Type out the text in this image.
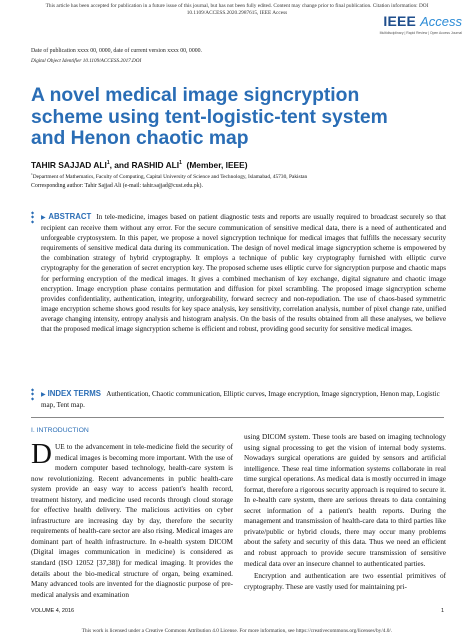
This article has been accepted for publication in a future issue of this journal, but has not been fully edited. Content may change prior to final publication. Citation information: DOI
10.1109/ACCESS.2020.2987615, IEEE Access
IEEE Access
Multidisciplinary | Rapid Review | Open Access Journal
Date of publication xxxx 00, 0000, date of current version xxxx 00, 0000.
Digital Object Identifier 10.1109/ACCESS.2017.DOI
A novel medical image signcryption
scheme using tent-logistic-tent system
and Henon chaotic map
TAHIR SAJJAD ALI$^1$, and RASHID ALI$^1$  (Member, IEEE)
$^1$Department of Mathematics, Faculty of Computing, Capital University of Science and Technology, Islamabad, 45730, Pakistan
Corresponding author: Tahir Sajjad Ali (e-mail: tahir.sajjad@cust.edu.pk).
◆
◆
◆
▶ ABSTRACT In tele-medicine, images based on patient diagnostic tests and reports are usually required to broadcast securely so that recipient can receive them without any error. For the secure communication of sensitive medical data, there is a need of authenticated and unforgeable cryptosystem. In this paper, we propose a novel signcryption technique for medical images that fulfills the necessary security requirements of sensitive medical data during its communication. The design of novel medical image signcryption scheme is empowered by the combination strategy of hybrid cryptography. It employs a technique of public key cryptography furnished with elliptic curve cryptography for the generation of secret encryption key. The proposed scheme uses elliptic curve for signcryption purpose and chaotic maps for performing encryption of the medical images. It gives a combined mechanism of key exchange, digital signature and chaotic image encryption. Image encryption phase contains permutation and diffusion for pixel scrambling. The proposed image signcryption scheme provides confidentiality, authentication, integrity, unforgeability, forward secrecy and non-repudiation. The use of chaos-based symmetric image encryption scheme shows good results for key space analysis, key sensitivity, correlation analysis, number of pixel change rate, unified average changing intensity, entropy analysis and histogram analysis. On the basis of the results obtained from all these analyses, we believe that the proposed medical image signcryption scheme is efficient and robust, providing good security for sensitive medical images.
◆
◆
◆
▶ INDEX TERMS Authentication, Chaotic communication, Elliptic curves, Image encryption, Image signcryption, Henon map, Logistic map, Tent map.
I. INTRODUCTION
DUE to the advancement in tele-medicine field the security of medical images is becoming more important. With the use of modern computer based technology, health-care system is now revolutionizing. Recent advancements in public health-care system provide an easy way to access patient's health record, treatment history, and medicine used records through cloud storage for effective health delivery. The malicious activities on cyber infrastructure are increasing day by day, therefore the security requirements of health-care sector are also rising. Medical images are dominant part of health infrastructure. In e-health system DICOM (Digital images communication in medicine) is considered as standard (ISO 12052 [37,38]) for medical imaging. It provides the details about the bio-medical structure of organ, being examined. Many advanced tools are invented for the diagnostic purpose of pre-medical analysis and examination
using DICOM system. These tools are based on imaging technology using signal processing to get the vision of internal body systems. Nowadays surgical operations are guided by sensors and artificial intelligence. These real time information systems collaborate in real time surgical operations. As medical data is mostly occurred in image format, therefore a rigorous security approach is required to secure it. In e-health care system, there are serious threats to data containing secret information of a patient's health reports. During the management and transmission of health-care data to third parties like private/public or hybrid clouds, there may occur many problems about the safety and security of this data. Thus we need an efficient and robust approach to provide secure transmission of sensitive medical data over an insecure channel to authenticated parties.
Encryption and authentication are two essential primitives of cryptography. These are vastly used for maintaining pri-
VOLUME 4, 2016	1
This work is licensed under a Creative Commons Attribution 4.0 License. For more information, see https://creativecommons.org/licenses/by/4.0/.
